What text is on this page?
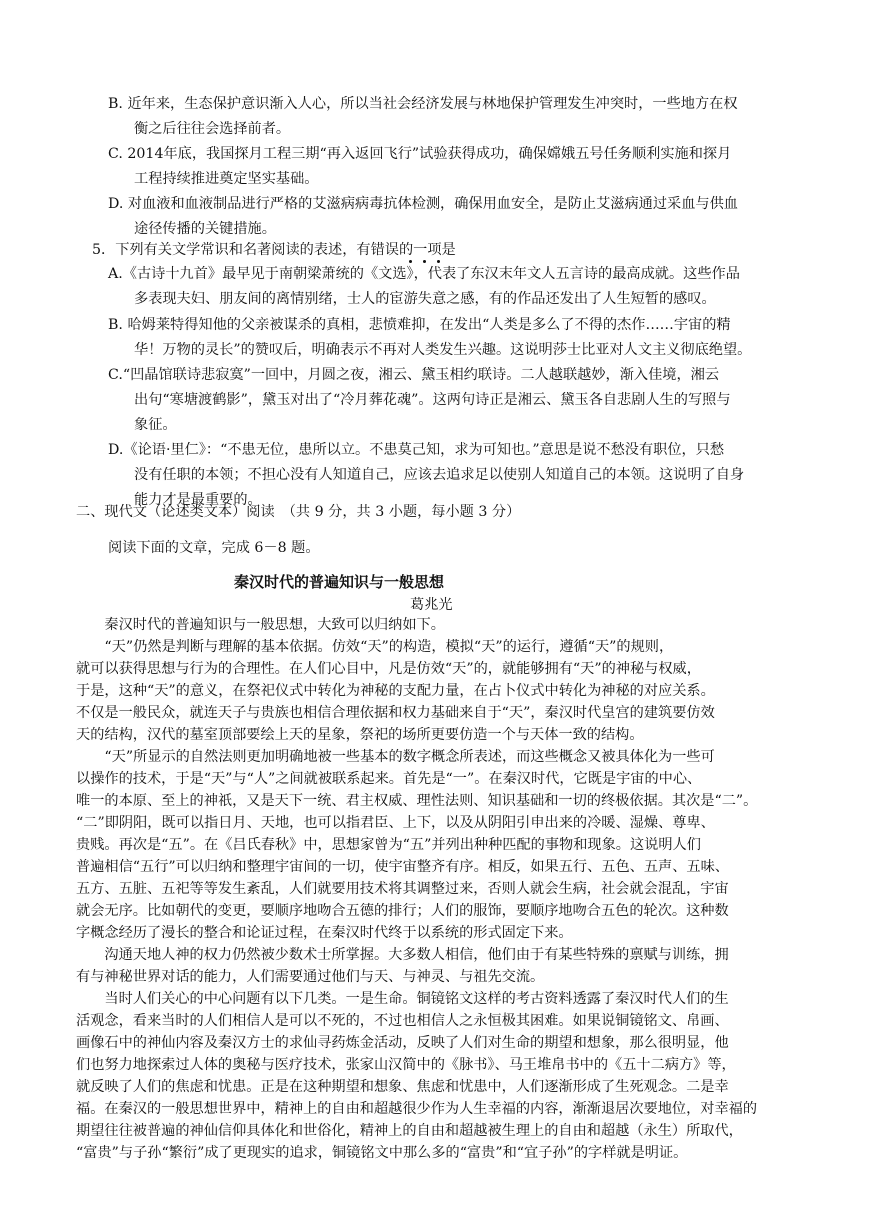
B. 近年来，生态保护意识渐入人心，所以当社会经济发展与林地保护管理发生冲突时，一些地方在权
衡之后往往会选择前者。
C. 2014年底，我国探月工程三期“再入返回飞行”试验获得成功，确保嫦娥五号任务顺利实施和探月
工程持续推进奠定坚实基础。
D. 对血液和血液制品进行严格的艾滋病病毒抗体检测，确保用血安全，是防止艾滋病通过采血与供血
途径传播的关键措施。
5．下列有关文学常识和名著阅读的表述，有错误的一项是
A.《古诗十九首》最早见于南朝梁萧统的《文选》，代表了东汉末年文人五言诗的最高成就。这些作品
多表现夫妇、朋友间的离情别绪，士人的宦游失意之感，有的作品还发出了人生短暂的感叹。
B. 哈姆莱特得知他的父亲被谋杀的真相，悲愤难抑，在发出“人类是多么了不得的杰作……宇宙的精
华！万物的灵长”的赞叹后，明确表示不再对人类发生兴趣。这说明莎士比亚对人文主义彻底绝望。
C.“凹晶馆联诗悲寂寞”一回中，月圆之夜，湘云、黛玉相约联诗。二人越联越妙，渐入佳境，湘云
出句“寒塘渡鹤影”，黛玉对出了“冷月葬花魂”。这两句诗正是湘云、黛玉各自悲剧人生的写照与
象征。
D.《论语·里仁》：“不患无位，患所以立。不患莫己知，求为可知也。”意思是说不愁没有职位，只愁
没有任职的本领；不担心没有人知道自己，应该去追求足以使别人知道自己的本领。这说明了自身
能力才是最重要的。
二、现代文（论述类文本）阅读　（共 9 分，共 3 小题，每小题 3 分）
阅读下面的文章，完成 6－8 题。
秦汉时代的普遍知识与一般思想
葛兆光
　　秦汉时代的普遍知识与一般思想，大致可以归纳如下。
　　“天”仍然是判断与理解的基本依据。仿效“天”的构造，模拟“天”的运行，遵循“天”的规则，
就可以获得思想与行为的合理性。在人们心目中，凡是仿效“天”的，就能够拥有“天”的神秘与权威，
于是，这种“天”的意义，在祭祀仪式中转化为神秘的支配力量，在占卜仪式中转化为神秘的对应关系。
不仅是一般民众，就连天子与贵族也相信合理依据和权力基础来自于“天”，秦汉时代皇宫的建筑要仿效
天的结构，汉代的墓室顶部要绘上天的星象，祭祀的场所更要仿造一个与天体一致的结构。
　　“天”所显示的自然法则更加明确地被一些基本的数字概念所表述，而这些概念又被具体化为一些可
以操作的技术，于是“天”与“人”之间就被联系起来。首先是“一”。在秦汉时代，它既是宇宙的中心、
唯一的本原、至上的神祇，又是天下一统、君主权威、理性法则、知识基础和一切的终极依据。其次是“二”。
“二”即阴阳，既可以指日月、天地，也可以指君臣、上下，以及从阴阳引申出来的冷暖、湿燥、尊卑、
贵贱。再次是“五”。在《吕氏春秋》中，思想家曾为“五”并列出种种匹配的事物和现象。这说明人们
普遍相信“五行”可以归纳和整理宇宙间的一切，使宇宙整齐有序。相反，如果五行、五色、五声、五味、
五方、五脏、五祀等等发生紊乱，人们就要用技术将其调整过来，否则人就会生病，社会就会混乱，宇宙
就会无序。比如朝代的变更，要顺序地吻合五德的排行；人们的服饰，要顺序地吻合五色的轮次。这种数
字概念经历了漫长的整合和论证过程，在秦汉时代终于以系统的形式固定下来。
　　沟通天地人神的权力仍然被少数术士所掌握。大多数人相信，他们由于有某些特殊的禀赋与训练，拥
有与神秘世界对话的能力，人们需要通过他们与天、与神灵、与祖先交流。
　　当时人们关心的中心问题有以下几类。一是生命。铜镜铭文这样的考古资料透露了秦汉时代人们的生
活观念，看来当时的人们相信人是可以不死的，不过也相信人之永恒极其困难。如果说铜镜铭文、帛画、
画像石中的神仙内容及秦汉方士的求仙寻药炼金活动，反映了人们对生命的期望和想象，那么很明显，他
们也努力地探索过人体的奥秘与医疗技术，张家山汉简中的《脉书》、马王堆帛书中的《五十二病方》等，
就反映了人们的焦虑和忧患。正是在这种期望和想象、焦虑和忧患中，人们逐渐形成了生死观念。二是幸
福。在秦汉的一般思想世界中，精神上的自由和超越很少作为人生幸福的内容，渐渐退居次要地位，对幸福的
期望往往被普遍的神仙信仰具体化和世俗化，精神上的自由和超越被生理上的自由和超越（永生）所取代，
“富贵”与子孙“繁衍”成了更现实的追求，铜镜铭文中那么多的“富贵”和“宜子孙”的字样就是明证。
